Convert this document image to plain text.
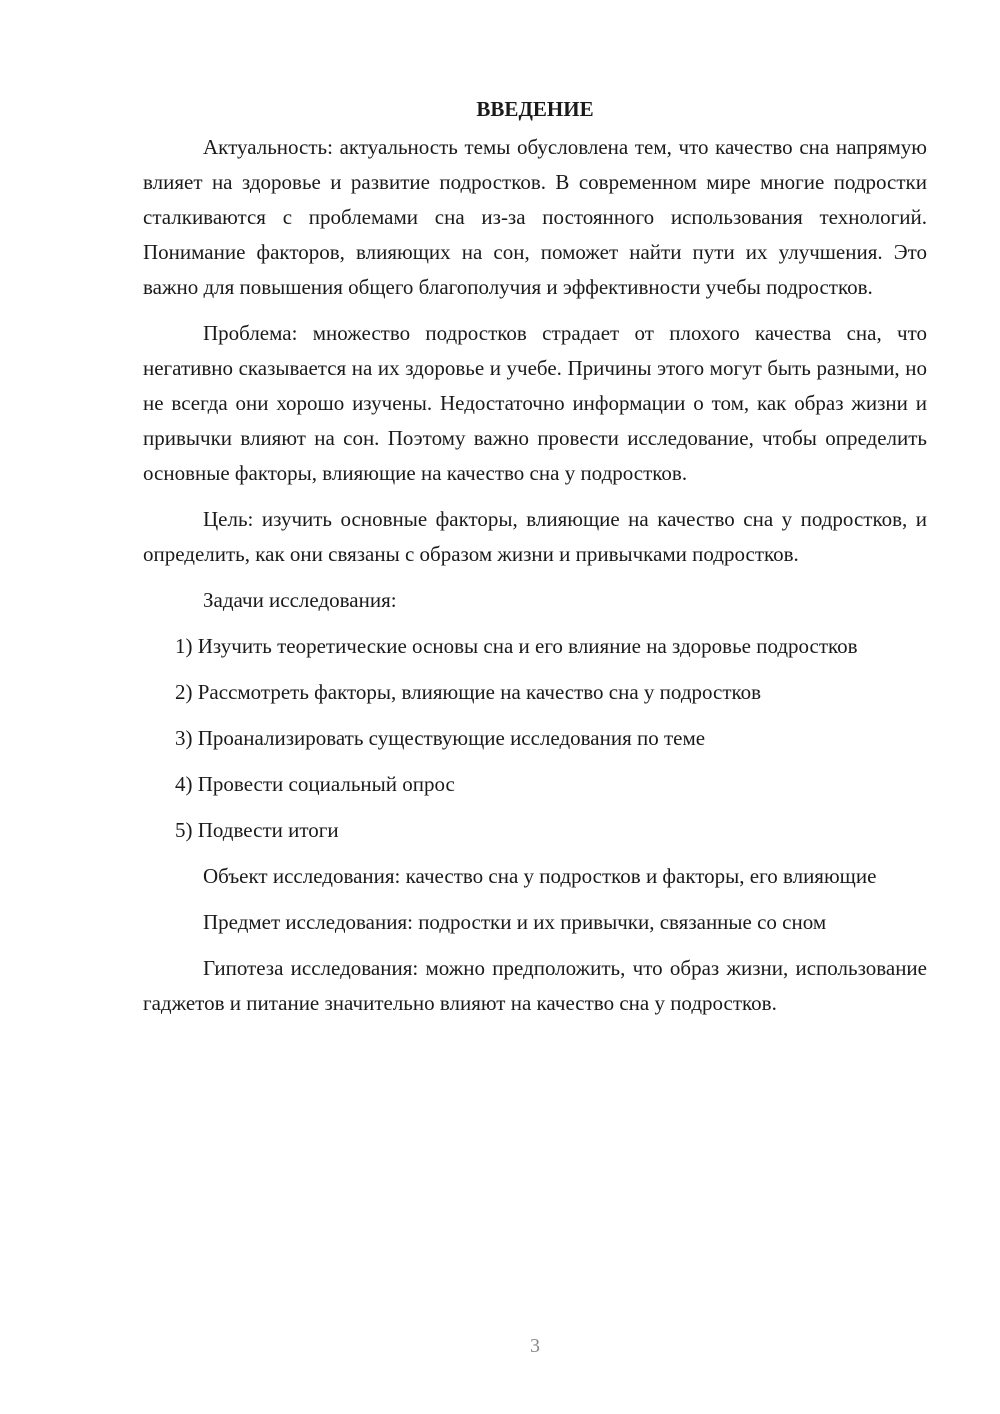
ВВЕДЕНИЕ

Актуальность: актуальность темы обусловлена тем, что качество сна напрямую влияет на здоровье и развитие подростков. В современном мире многие подростки сталкиваются с проблемами сна из-за постоянного использования технологий. Понимание факторов, влияющих на сон, поможет найти пути их улучшения. Это важно для повышения общего благополучия и эффективности учебы подростков.

Проблема: множество подростков страдает от плохого качества сна, что негативно сказывается на их здоровье и учебе. Причины этого могут быть разными, но не всегда они хорошо изучены. Недостаточно информации о том, как образ жизни и привычки влияют на сон. Поэтому важно провести исследование, чтобы определить основные факторы, влияющие на качество сна у подростков.

Цель: изучить основные факторы, влияющие на качество сна у подростков, и определить, как они связаны с образом жизни и привычками подростков.

Задачи исследования:

1) Изучить теоретические основы сна и его влияние на здоровье подростков

2) Рассмотреть факторы, влияющие на качество сна у подростков

3) Проанализировать существующие исследования по теме

4) Провести социальный опрос

5) Подвести итоги

Объект исследования: качество сна у подростков и факторы, его влияющие

Предмет исследования: подростки и их привычки, связанные со сном

Гипотеза исследования: можно предположить, что образ жизни, использование гаджетов и питание значительно влияют на качество сна у подростков.

3
